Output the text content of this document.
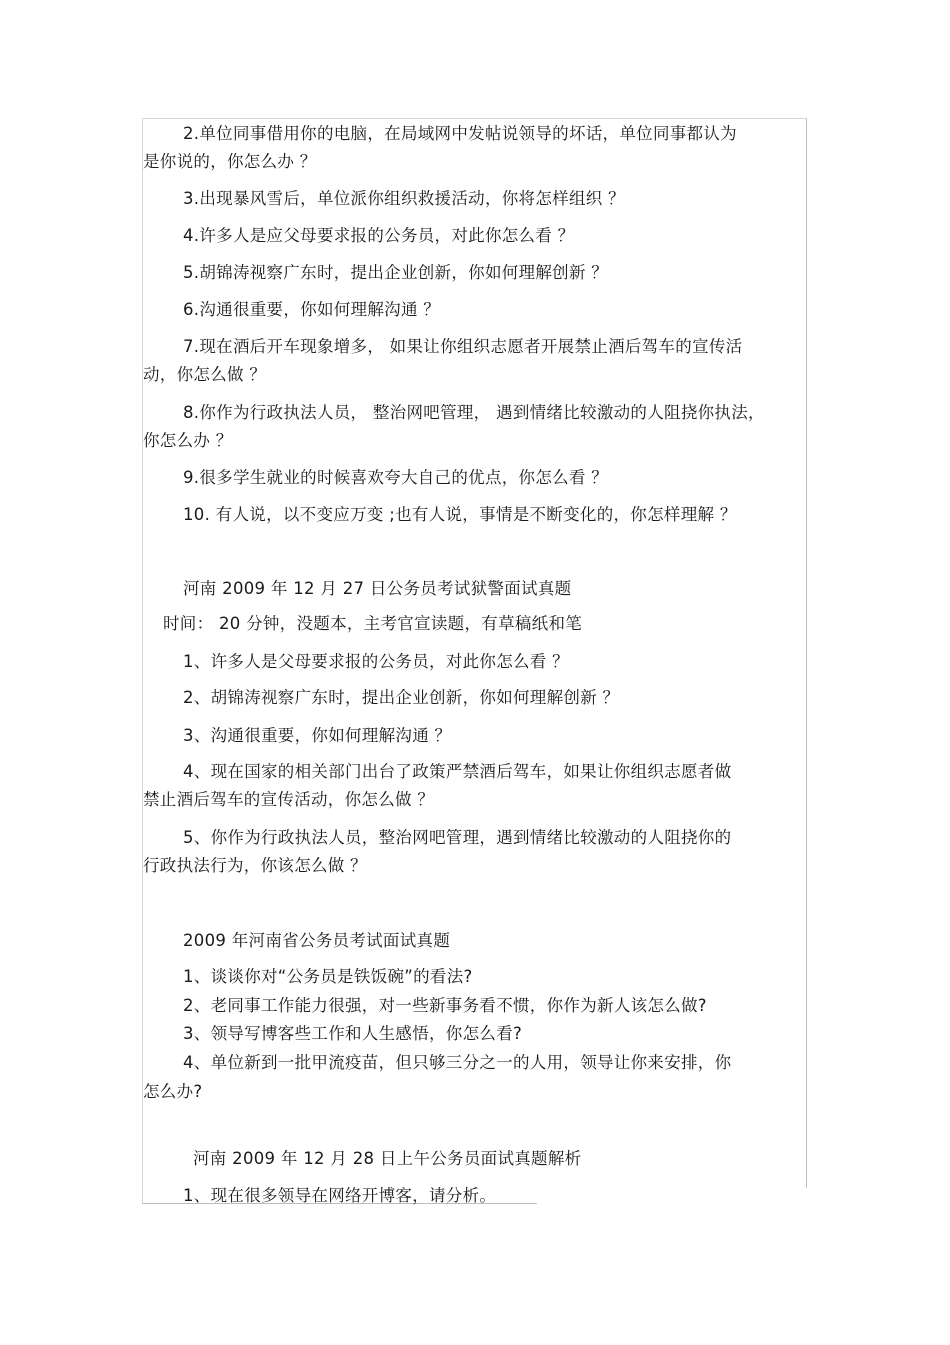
2.单位同事借用你的电脑，在局域网中发帖说领导的坏话，单位同事都认为
是你说的，你怎么办 ？
3.出现暴风雪后，单位派你组织救援活动，你将怎样组织 ？
4.许多人是应父母要求报的公务员，对此你怎么看 ？
5.胡锦涛视察广东时，提出企业创新，你如何理解创新 ？
6.沟通很重要，你如何理解沟通 ？
7.现在酒后开车现象增多， 如果让你组织志愿者开展禁止酒后驾车的宣传活
动，你怎么做 ？
8.你作为行政执法人员， 整治网吧管理， 遇到情绪比较激动的人阻挠你执法，
你怎么办 ？
9.很多学生就业的时候喜欢夸大自己的优点，你怎么看 ？
10. 有人说，以不变应万变 ;也有人说，事情是不断变化的，你怎样理解 ？
河南 2009 年 12 月 27 日公务员考试狱警面试真题
时间： 20 分钟，没题本，主考官宣读题，有草稿纸和笔
1、许多人是父母要求报的公务员，对此你怎么看 ？
2、胡锦涛视察广东时，提出企业创新，你如何理解创新 ？
3、沟通很重要，你如何理解沟通 ？
4、现在国家的相关部门出台了政策严禁酒后驾车，如果让你组织志愿者做
禁止酒后驾车的宣传活动，你怎么做 ？
5、你作为行政执法人员，整治网吧管理，遇到情绪比较激动的人阻挠你的
行政执法行为，你该怎么做 ？
2009 年河南省公务员考试面试真题
1、谈谈你对“公务员是铁饭碗”的看法?
2、老同事工作能力很强，对一些新事务看不惯，你作为新人该怎么做?
3、领导写博客些工作和人生感悟，你怎么看?
4、单位新到一批甲流疫苗，但只够三分之一的人用，领导让你来安排，你
怎么办?
河南 2009 年 12 月 28 日上午公务员面试真题解析
1、现在很多领导在网络开博客，请分析。
